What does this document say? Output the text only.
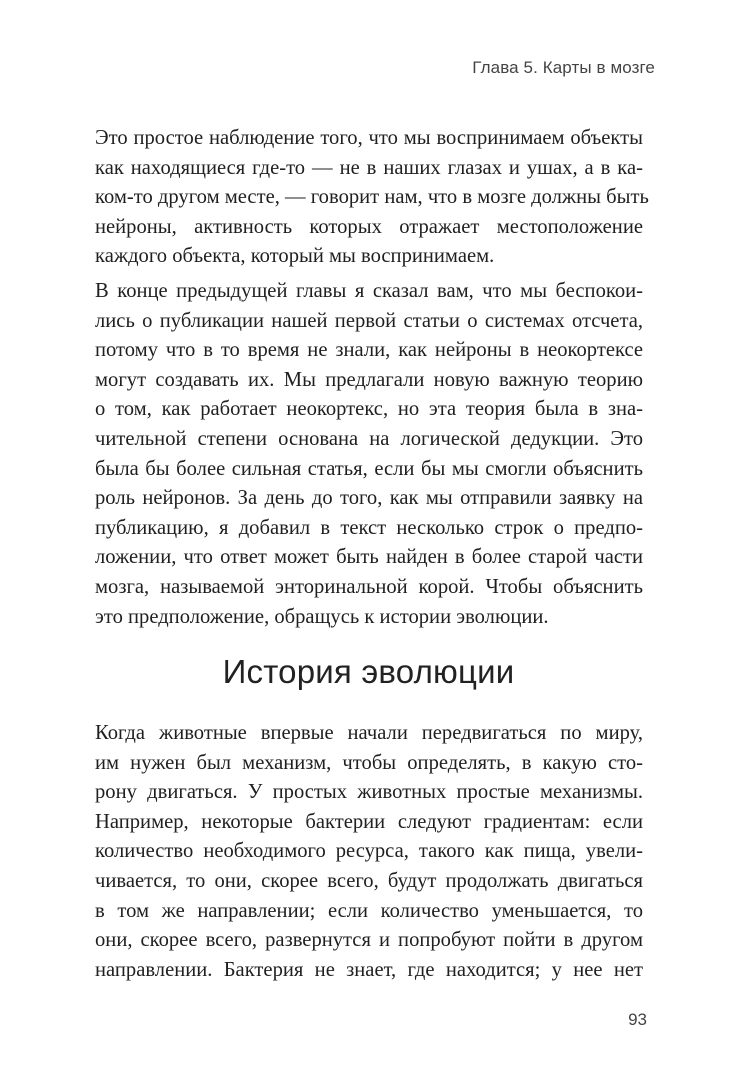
Глава 5. Карты в мозге
Это простое наблюдение того, что мы воспринимаем объекты
как находящиеся где-то — не в наших глазах и ушах, а в ка-
ком-то другом месте, — говорит нам, что в мозге должны быть
нейроны, активность которых отражает местоположение
каждого объекта, который мы воспринимаем.
В конце предыдущей главы я сказал вам, что мы беспокои-
лись о публикации нашей первой статьи о системах отсчета,
потому что в то время не знали, как нейроны в неокортексе
могут создавать их. Мы предлагали новую важную теорию
о том, как работает неокортекс, но эта теория была в зна-
чительной степени основана на логической дедукции. Это
была бы более сильная статья, если бы мы смогли объяснить
роль нейронов. За день до того, как мы отправили заявку на
публикацию, я добавил в текст несколько строк о предпо-
ложении, что ответ может быть найден в более старой части
мозга, называемой энторинальной корой. Чтобы объяснить
это предположение, обращусь к истории эволюции.
История эволюции
Когда животные впервые начали передвигаться по миру,
им нужен был механизм, чтобы определять, в какую сто-
рону двигаться. У простых животных простые механизмы.
Например, некоторые бактерии следуют градиентам: если
количество необходимого ресурса, такого как пища, увели-
чивается, то они, скорее всего, будут продолжать двигаться
в том же направлении; если количество уменьшается, то
они, скорее всего, развернутся и попробуют пойти в другом
направлении. Бактерия не знает, где находится; у нее нет
93
